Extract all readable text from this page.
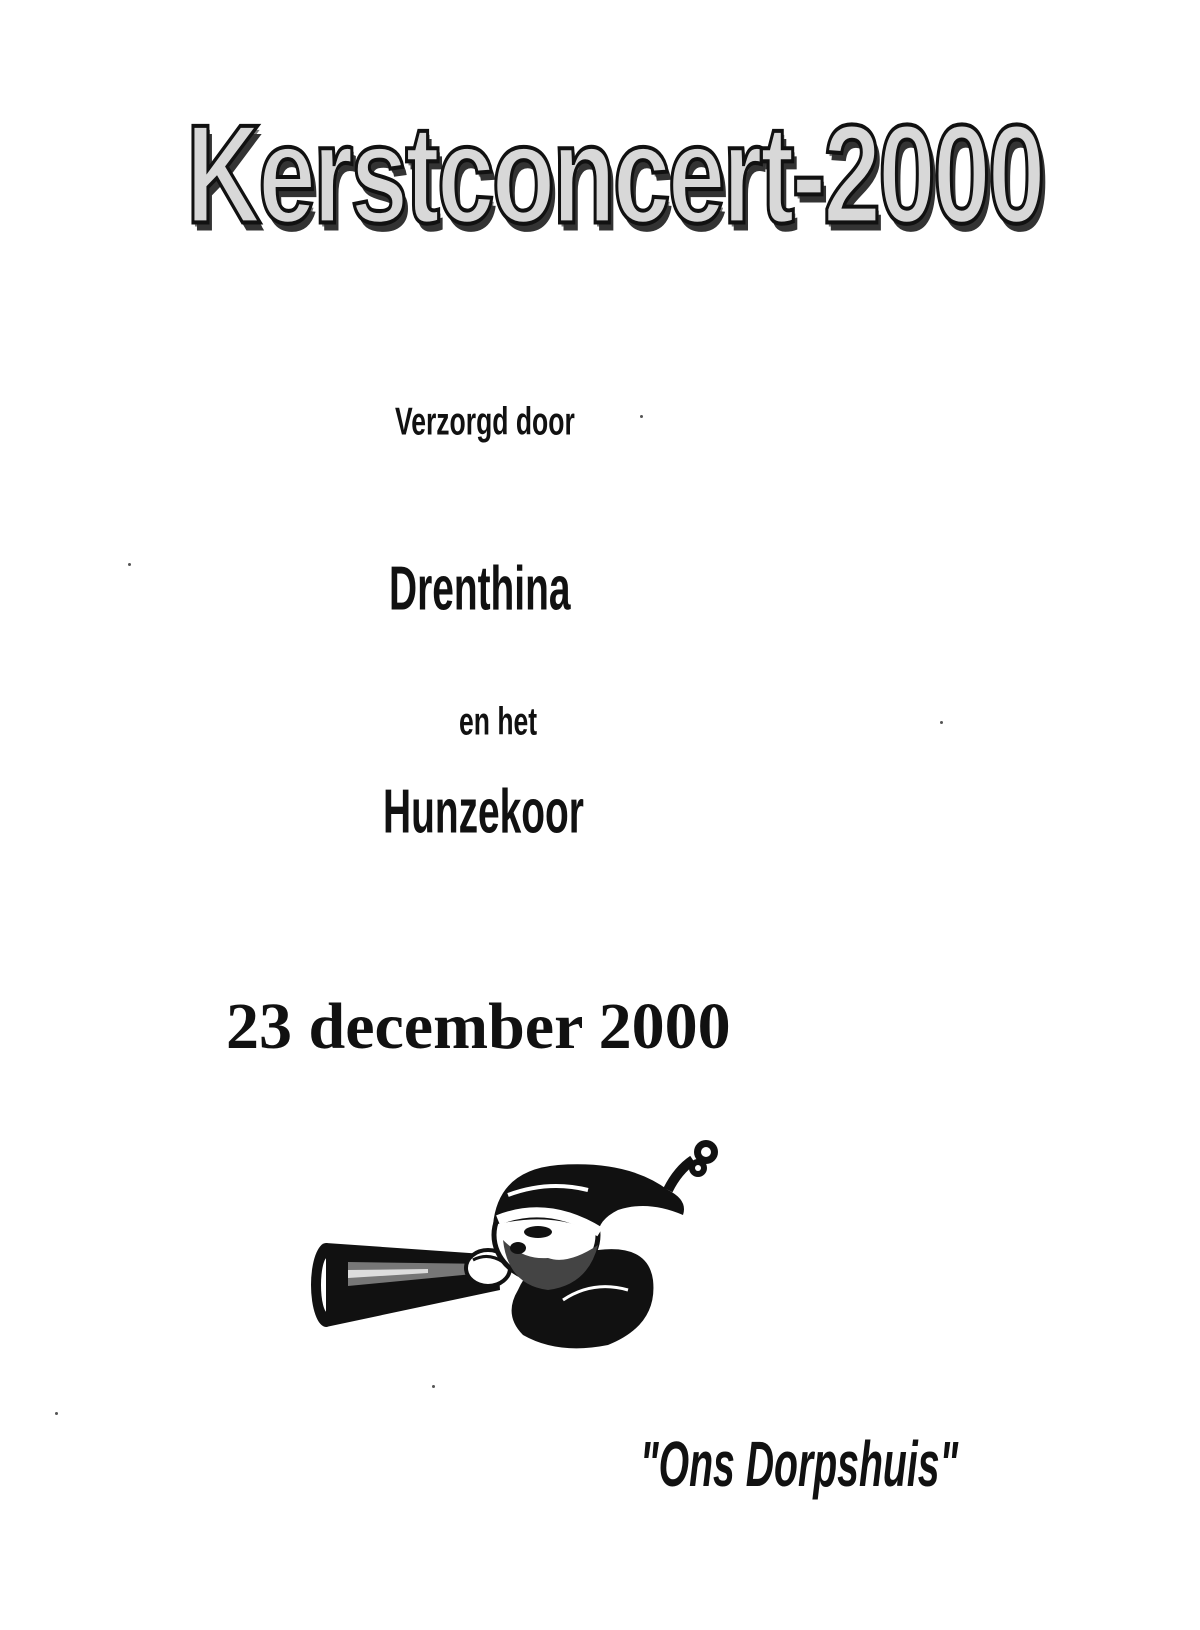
Kerstconcert-2000
Verzorgd door
Drenthina
en het
Hunzekoor
23 december 2000
"Ons Dorpshuis"
